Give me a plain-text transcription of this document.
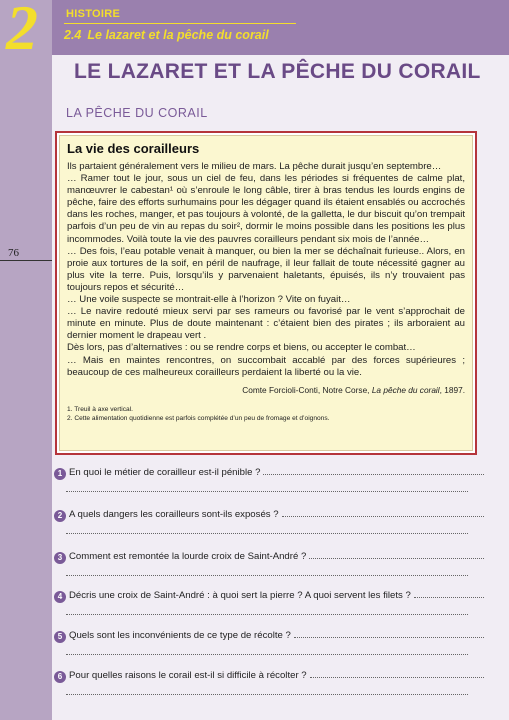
2	HISTOIRE
2.4 Le lazaret et la pêche du corail
LE LAZARET ET LA PÊCHE DU CORAIL
LA PÊCHE DU CORAIL
76
La vie des corailleurs

Ils partaient généralement vers le milieu de mars. La pêche durait jusqu’en septembre…

… Ramer tout le jour, sous un ciel de feu, dans les périodes si fréquentes de calme plat, manœuvrer le cabestan¹ où s’enroule le long câble, tirer à bras tendus les lourds engins de pêche, faire des efforts surhumains pour les dégager quand ils étaient ensablés ou accrochés dans les roches, manger, et pas toujours à volonté, de la galletta, le dur biscuit qu’on trempait parfois d’un peu de vin au repas du soir², dormir le moins possible dans les positions les plus incommodes. Voilà toute la vie des pauvres corailleurs pendant six mois de l’année…

… Des fois, l’eau potable venait à manquer, ou bien la mer se déchaînait furieuse.. Alors, en proie aux tortures de la soif, en péril de naufrage, il leur fallait de toute nécessité gagner au plus vite la terre. Puis, lorsqu’ils y parvenaient haletants, épuisés, ils n’y trouvaient pas toujours repos et sécurité…

… Une voile suspecte se montrait-elle à l’horizon ? Vite on fuyait…

… Le navire redouté mieux servi par ses rameurs ou favorisé par le vent s’approchait de minute en minute. Plus de doute maintenant : c’étaient bien des pirates ; ils arboraient au dernier moment le drapeau vert .

Dès lors, pas d’alternatives : ou se rendre corps et biens, ou accepter le combat…

… Mais en maintes rencontres, on succombait accablé par des forces supérieures ; beaucoup de ces malheureux corailleurs perdaient la liberté ou la vie.

Comte Forcioli-Conti, Notre Corse, La pêche du corail, 1897.
1. Treuil à axe vertical.
2. Cette alimentation quotidienne est parfois complétée d’un peu de fromage et d’oignons.
1 En quoi le métier de corailleur est-il pénible ?
2 A quels dangers les corailleurs sont-ils exposés ?
3 Comment est remontée la lourde croix de Saint-André ?
4 Décris une croix de Saint-André : à quoi sert la pierre ? A quoi servent les filets ?
5 Quels sont les inconvénients de ce type de récolte ?
6 Pour quelles raisons le corail est-il si difficile à récolter ?
